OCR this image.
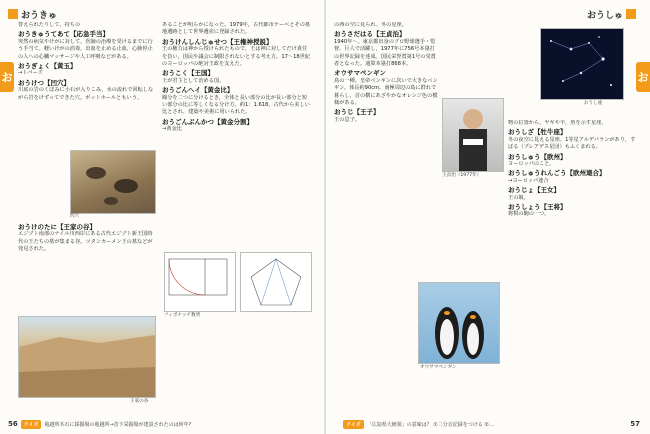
おうきゅ	おうしゅ
お	お

替えられたりして，持ちの

おうきゅうてあて【応急手当】

突然の病気やけがに対して，医師の治療を受けるまでに行う手当て。軽いけがの消毒，出血を止める止血，心肺停止の人への心臓マッサージや人工呼吸などがある。

おうぎょく【黄玉】

→トパーズ

おうけつ【凹穴】

川底の岩のくぼみに小石が入りこみ，水の流れで回転しながら岩をけずってできた穴。ポットホールともいう。

凹穴
おうけのたに【王家の谷】

エジプト南部のナイル川西岸にある古代エジプト新王国時代の王たちの墓が集まる谷。ツタンカーメン王の墓などが発見された。

王家の谷

あることが明らかになった。1979年，古代都市テーベとその墓地遺跡として世界遺産に登録された。

おうけんしんじゅせつ【王権神授説】

王の権力は神から授けられたもので，王は神に対してだけ責任を負い，国民や議会に制限されないとする考え方。17〜18世紀のヨーロッパの絶対王政を支えた。

おうこく【王国】

王が君主として治める国。

おうごんヘイ【黄金比】

線分を二つに分けるとき，全体と長い部分の比が長い部分と短い部分の比に等しくなる分け方。約1：1.618。古代から美しい比とされ，建築や美術に用いられた。

おうごんぶんかつ【黄金分割】

→黄金比

フィボナッチ数列

の西の空に見られ、冬の星座。

おうさだはる【王貞治】

1940年〜。東京都出身のプロ野球選手・監督。巨人で活躍し，1977年に756号本塁打の世界記録を達成。国民栄誉賞第1号の受賞者となった。通算本塁打868本。

オウサマペンギン

鳥の一種。皇帝ペンギンに次いで大きなペンギン。体長約90cm。南極周辺の島に群れで暮らし，首の横にあざやかなオレンジ色の模様がある。

おうじ【王子】

王の息子。

王貞治（1977年）
オウサマペンギン

物の位置から，ヤギや羊，魚を示す星座。

おうしざ【牡牛座】

冬の夜空に見える星座。1等星アルデバランがあり，すばる（プレアデス星団）もふくまれる。

おうしゅう【欧州】

ヨーロッパのこと。

おうしゅうれんごう【欧州連合】

→ヨーロッパ連合

おうじょ【王女】

王の娘。

おうしょう【王将】

将棋の駒の一つ。

おうし座
56	クイズ	亀越所木石に採掘場の亀越所→昔下采掘場が建設されたのは何年?	クイズ	「広島県大統領」の意味は？ ①二分音記録をつける ②…	57
